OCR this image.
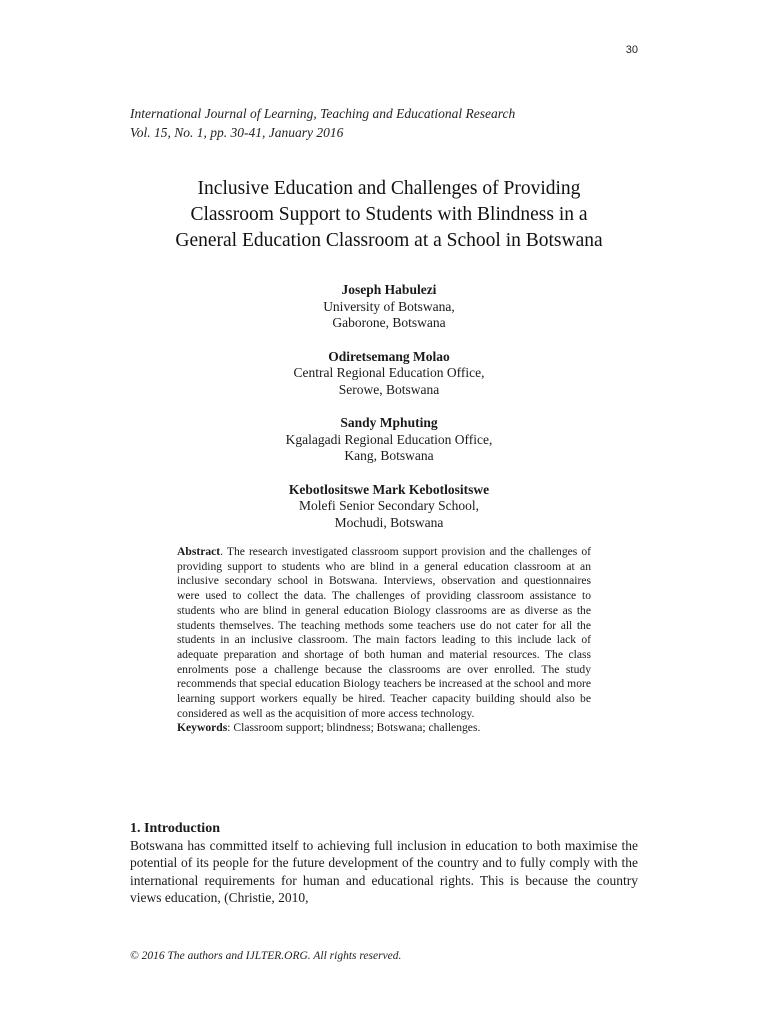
30
International Journal of Learning, Teaching and Educational Research
Vol. 15, No. 1, pp. 30-41, January 2016
Inclusive Education and Challenges of Providing
Classroom Support to Students with Blindness in a
General Education Classroom at a School in Botswana
Joseph Habulezi
University of Botswana,
Gaborone, Botswana
Odiretsemang Molao
Central Regional Education Office,
Serowe, Botswana
Sandy Mphuting
Kgalagadi Regional Education Office,
Kang, Botswana
Kebotlositswe Mark Kebotlositswe
Molefi Senior Secondary School,
Mochudi, Botswana

Abstract. The research investigated classroom support provision and the challenges of providing support to students who are blind in a general education classroom at an inclusive secondary school in Botswana. Interviews, observation and questionnaires were used to collect the data. The challenges of providing classroom assistance to students who are blind in general education Biology classrooms are as diverse as the students themselves. The teaching methods some teachers use do not cater for all the students in an inclusive classroom. The main factors leading to this include lack of adequate preparation and shortage of both human and material resources. The class enrolments pose a challenge because the classrooms are over enrolled. The study recommends that special education Biology teachers be increased at the school and more learning support workers equally be hired. Teacher capacity building should also be considered as well as the acquisition of more access technology.

Keywords: Classroom support; blindness; Botswana; challenges.

1. Introduction

Botswana has committed itself to achieving full inclusion in education to both maximise the potential of its people for the future development of the country and to fully comply with the international requirements for human and educational rights. This is because the country views education, (Christie, 2010,

© 2016 The authors and IJLTER.ORG. All rights reserved.
